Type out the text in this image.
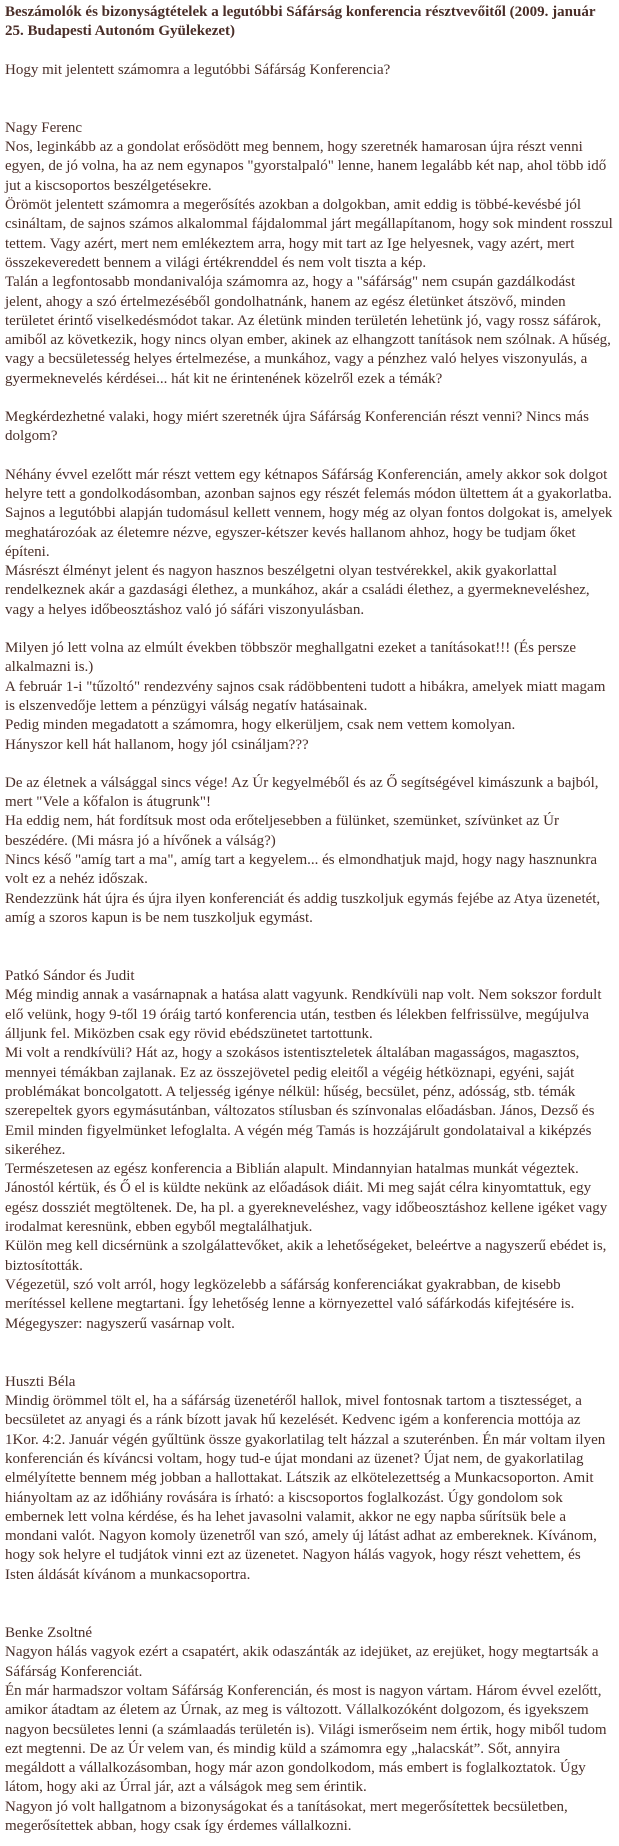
Beszámolók és bizonyságtételek a legutóbbi Sáfárság konferencia résztvevőitől (2009. január 25. Budapesti Autonóm Gyülekezet)

Hogy mit jelentett számomra a legutóbbi Sáfárság Konferencia?

Nagy Ferenc

Nos, leginkább az a gondolat erősödött meg bennem, hogy szeretnék hamarosan újra részt venni egyen, de jó volna, ha az nem egynapos "gyorstalpaló" lenne, hanem legalább két nap, ahol több idő jut a kiscsoportos beszélgetésekre.

Örömöt jelentett számomra a megerősítés azokban a dolgokban, amit eddig is többé-kevésbé jól csináltam, de sajnos számos alkalommal fájdalommal járt megállapítanom, hogy sok mindent rosszul tettem. Vagy azért, mert nem emlékeztem arra, hogy mit tart az Ige helyesnek, vagy azért, mert összekeveredett bennem a világi értékrenddel és nem volt tiszta a kép.

Talán a legfontosabb mondanivalója számomra az, hogy a "sáfárság" nem csupán gazdálkodást jelent, ahogy a szó értelmezéséből gondolhatnánk, hanem az egész életünket átszövő, minden területet érintő viselkedésmódot takar. Az életünk minden területén lehetünk jó, vagy rossz sáfárok, amiből az következik, hogy nincs olyan ember, akinek az elhangzott tanítások nem szólnak. A hűség, vagy a becsületesség helyes értelmezése, a munkához, vagy a pénzhez való helyes viszonyulás, a gyermeknevelés kérdései... hát kit ne érintenének közelről ezek a témák?

Megkérdezhetné valaki, hogy miért szeretnék újra Sáfárság Konferencián részt venni? Nincs más dolgom?

Néhány évvel ezelőtt már részt vettem egy kétnapos Sáfárság Konferencián, amely akkor sok dolgot helyre tett a gondolkodásomban, azonban sajnos egy részét felemás módon ültettem át a gyakorlatba. Sajnos a legutóbbi alapján tudomásul kellett vennem, hogy még az olyan fontos dolgokat is, amelyek meghatározóak az életemre nézve, egyszer-kétszer kevés hallanom ahhoz, hogy be tudjam őket építeni.

Másrészt élményt jelent és nagyon hasznos beszélgetni olyan testvérekkel, akik gyakorlattal rendelkeznek akár a gazdasági élethez, a munkához, akár a családi élethez, a gyermekneveléshez, vagy a helyes időbeosztáshoz való jó sáfári viszonyulásban.

Milyen jó lett volna az elmúlt években többször meghallgatni ezeket a tanításokat!!! (És persze alkalmazni is.)

A február 1-i "tűzoltó" rendezvény sajnos csak rádöbbenteni tudott a hibákra, amelyek miatt magam is elszenvedője lettem a pénzügyi válság negatív hatásainak.

Pedig minden megadatott a számomra, hogy elkerüljem, csak nem vettem komolyan.

Hányszor kell hát hallanom, hogy jól csináljam???

De az életnek a válsággal sincs vége! Az Úr kegyelméből és az Ő segítségével kimászunk a bajból, mert "Vele a kőfalon is átugrunk"!

Ha eddig nem, hát fordítsuk most oda erőteljesebben a fülünket, szemünket, szívünket az Úr beszédére. (Mi másra jó a hívőnek a válság?)

Nincs késő "amíg tart a ma", amíg tart a kegyelem... és elmondhatjuk majd, hogy nagy hasznunkra volt ez a nehéz időszak.

Rendezzünk hát újra és újra ilyen konferenciát és addig tuszkoljuk egymás fejébe az Atya üzenetét, amíg a szoros kapun is be nem tuszkoljuk egymást.

Patkó Sándor és Judit

Még mindig annak a vasárnapnak a hatása alatt vagyunk. Rendkívüli nap volt. Nem sokszor fordult elő velünk, hogy 9-től 19 óráig tartó konferencia után, testben és lélekben felfrissülve, megújulva álljunk fel. Miközben csak egy rövid ebédszünetet tartottunk.

Mi volt a rendkívüli? Hát az, hogy a szokásos istentiszteletek általában magasságos, magasztos, mennyei témákban zajlanak. Ez az összejövetel pedig eleitől a végéig hétköznapi, egyéni, saját problémákat boncolgatott. A teljesség igénye nélkül: hűség, becsület, pénz, adósság, stb. témák szerepeltek gyors egymásutánban, változatos stílusban és színvonalas előadásban. János, Dezső és Emil minden figyelmünket lefoglalta. A végén még Tamás is hozzájárult gondolataival a kiképzés sikeréhez.

Természetesen az egész konferencia a Biblián alapult. Mindannyian hatalmas munkát végeztek.

Jánostól kértük, és Ő el is küldte nekünk az előadások diáit. Mi meg saját célra kinyomtattuk, egy egész dossziét megtöltenek. De, ha pl. a gyerekneveléshez, vagy időbeosztáshoz kellene igéket vagy irodalmat keresnünk, ebben egyből megtalálhatjuk.

Külön meg kell dicsérnünk a szolgálattevőket, akik a lehetőségeket, beleértve a nagyszerű ebédet is, biztosították.

Végezetül, szó volt arról, hogy legközelebb a sáfárság konferenciákat gyakrabban, de kisebb merítéssel kellene megtartani. Így lehetőség lenne a környezettel való sáfárkodás kifejtésére is.

Mégegyszer: nagyszerű vasárnap volt.

Huszti Béla

Mindig örömmel tölt el, ha a sáfárság üzenetéről hallok, mivel fontosnak tartom a tisztességet, a becsületet az anyagi és a ránk bízott javak hű kezelését. Kedvenc igém a konferencia mottója az 1Kor. 4:2. Január végén gyűltünk össze gyakorlatilag telt házzal a szuterénben. Én már voltam ilyen konferencián és kíváncsi voltam, hogy tud-e újat mondani az üzenet? Újat nem, de gyakorlatilag elmélyítette bennem még jobban a hallottakat. Látszik az elkötelezettség a Munkacsoporton. Amit hiányoltam az az időhiány rovására is írható: a kiscsoportos foglalkozást. Úgy gondolom sok embernek lett volna kérdése, és ha lehet javasolni valamit, akkor ne egy napba sűrítsük bele a mondani valót. Nagyon komoly üzenetről van szó, amely új látást adhat az embereknek. Kívánom, hogy sok helyre el tudjátok vinni ezt az üzenetet. Nagyon hálás vagyok, hogy részt vehettem, és Isten áldását kívánom a munkacsoportra.

Benke Zsoltné

Nagyon hálás vagyok ezért a csapatért, akik odaszánták az idejüket, az erejüket, hogy megtartsák a Sáfárság Konferenciát.

Én már harmadszor voltam Sáfárság Konferencián, és most is nagyon vártam. Három évvel ezelőtt, amikor átadtam az életem az Úrnak, az meg is változott. Vállalkozóként dolgozom, és igyekszem nagyon becsületes lenni (a számlaadás területén is). Világi ismerőseim nem értik, hogy miből tudom ezt megtenni. De az Úr velem van, és mindig küld a számomra egy „halacskát”. Sőt, annyira megáldott a vállalkozásomban, hogy már azon gondolkodom, más embert is foglalkoztatok. Úgy látom, hogy aki az Úrral jár, azt a válságok meg sem érintik.

Nagyon jó volt hallgatnom a bizonyságokat és a tanításokat, mert megerősítettek becsületben, megerősítettek abban, hogy csak így érdemes vállalkozni.
